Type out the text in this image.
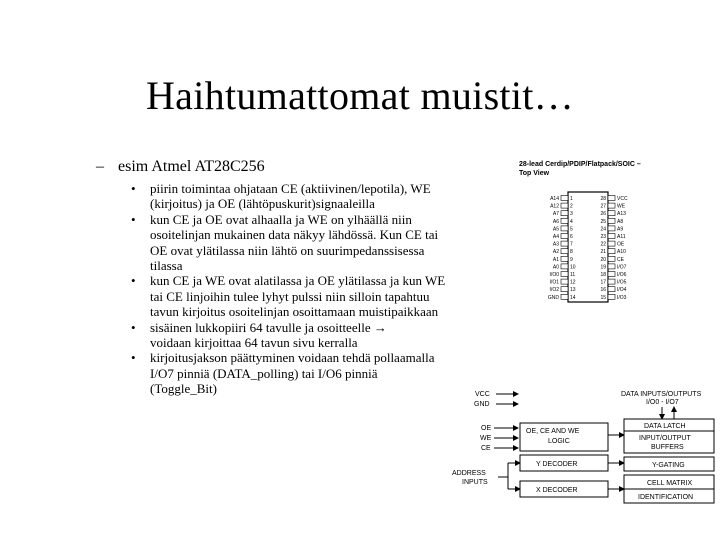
Haihtumattomat muistit…
– esim Atmel AT28C256
• piirin toimintaa ohjataan CE (aktiivinen/lepotila), WE (kirjoitus) ja OE (lähtöpuskurit)signaaleilla
• kun CE ja OE ovat alhaalla ja WE on ylhäällä niin osoitelinjan mukainen data näkyy lähdössä. Kun CE tai OE ovat ylätilassa niin lähtö on suurimpedanssisessa tilassa
• kun CE ja WE ovat alatilassa ja OE ylätilassa ja kun WE tai CE linjoihin tulee lyhyt pulssi niin silloin tapahtuu tavun kirjoitus osoitelinjan osoittamaan muistipaikkaan
• sisäinen lukkopiiri 64 tavulle ja osoitteelle →
voidaan kirjoittaa 64 tavun sivu kerralla
• kirjoitusjakson päättyminen voidaan tehdä pollaamalla I/O7 pinniä (DATA_polling) tai I/O6 pinniä (Toggle_Bit)
28-lead Cerdip/PDIP/Flatpack/SOIC –
Top View
A14 1
A12 2
A7 3
A6 4
A5 5
A4 6
A3 7
A2 8
A1 9
A0 10
I/O0 11
I/O1 12
I/O2 13
GND 14
28 VCC
27 WE
26 A13
25 A8
24 A9
23 A11
22 OE
21 A10
20 CE
19 I/O7
18 I/O6
17 I/O5
16 I/O4
15 I/O3
VCC
GND
OE
WE
CE
ADDRESS
INPUTS
DATA INPUTS/OUTPUTS
I/O0 - I/O7
OE, CE AND WE
LOGIC
Y DECODER
X DECODER
DATA LATCH
INPUT/OUTPUT
BUFFERS
Y-GATING
CELL MATRIX
IDENTIFICATION
